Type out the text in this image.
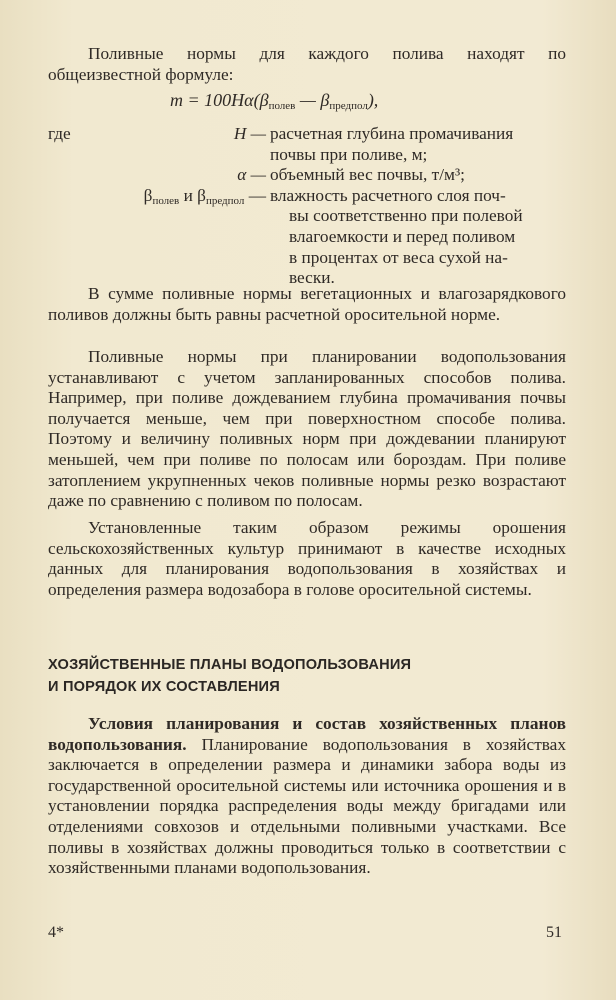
Поливные нормы для каждого полива находят по общеизвестной формуле:

$m = 100H\alpha(\beta_{полев}$ — $\beta_{предпол}$),

где	H — расчетная глубина промачивания
почвы при поливе, м;
α — объемный вес почвы, т/м³;
$\beta_{полев}$ и $\beta_{предпол}$ — влажность расчетного слоя поч-
вы соответственно при полевой
влагоемкости и перед поливом
в процентах от веса сухой на-
вески.

В сумме поливные нормы вегетационных и влагозарядкового поливов должны быть равны расчетной оросительной норме.

Поливные нормы при планировании водопользования устанавливают с учетом запланированных способов полива. Например, при поливе дождеванием глубина промачивания почвы получается меньше, чем при поверхностном способе полива. Поэтому и величину поливных норм при дождевании планируют меньшей, чем при поливе по полосам или бороздам. При поливе затоплением укрупненных чеков поливные нормы резко возрастают даже по сравнению с поливом по полосам.

Установленные таким образом режимы орошения сельскохозяйственных культур принимают в качестве исходных данных для планирования водопользования в хозяйствах и определения размера водозабора в голове оросительной системы.

ХОЗЯЙСТВЕННЫЕ ПЛАНЫ ВОДОПОЛЬЗОВАНИЯ
И ПОРЯДОК ИХ СОСТАВЛЕНИЯ

Условия планирования и состав хозяйственных планов водопользования. Планирование водопользования в хозяйствах заключается в определении размера и динамики забора воды из государственной оросительной системы или источника орошения и в установлении порядка распределения воды между бригадами или отделениями совхозов и отдельными поливными участками. Все поливы в хозяйствах должны проводиться только в соответствии с хозяйственными планами водопользования.

4*	51
